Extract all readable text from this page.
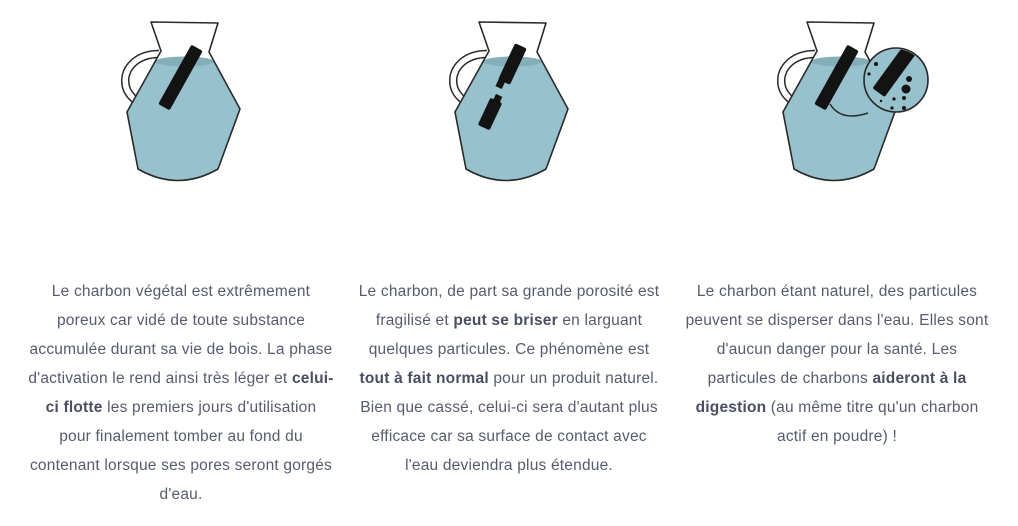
Le charbon végétal est extrêmement poreux car vidé de toute substance accumulée durant sa vie de bois. La phase d'activation le rend ainsi très léger et celui-ci flotte les premiers jours d'utilisation pour finalement tomber au fond du contenant lorsque ses pores seront gorgés d'eau.

Le charbon, de part sa grande porosité est fragilisé et peut se briser en larguant quelques particules. Ce phénomène est tout à fait normal pour un produit naturel. Bien que cassé, celui-ci sera d'autant plus efficace car sa surface de contact avec l'eau deviendra plus étendue.

Le charbon étant naturel, des particules peuvent se disperser dans l'eau. Elles sont d'aucun danger pour la santé. Les particules de charbons aideront à la digestion (au même titre qu'un charbon actif en poudre) !
